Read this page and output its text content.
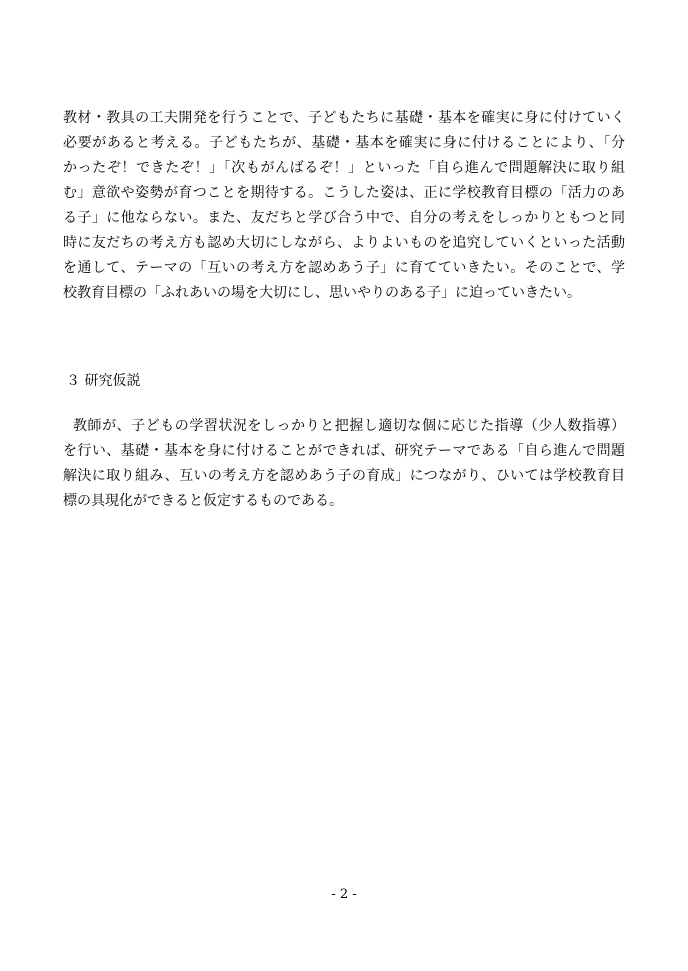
教材・教具の工夫開発を行うことで、子どもたちに基礎・基本を確実に身に付けていく
必要があると考える。子どもたちが、基礎・基本を確実に身に付けることにより、「分
かったぞ！できたぞ！」「次もがんばるぞ！」といった「自ら進んで問題解決に取り組
む」意欲や姿勢が育つことを期待する。こうした姿は、正に学校教育目標の「活力のあ
る子」に他ならない。また、友だちと学び合う中で、自分の考えをしっかりともつと同
時に友だちの考え方も認め大切にしながら、よりよいものを追究していくといった活動
を通して、テーマの「互いの考え方を認めあう子」に育てていきたい。そのことで、学
校教育目標の「ふれあいの場を大切にし、思いやりのある子」に迫っていきたい。
３ 研究仮説
教師が、子どもの学習状況をしっかりと把握し適切な個に応じた指導（少人数指導）
を行い、基礎・基本を身に付けることができれば、研究テーマである「自ら進んで問題
解決に取り組み、互いの考え方を認めあう子の育成」につながり、ひいては学校教育目
標の具現化ができると仮定するものである。
- 2 -
